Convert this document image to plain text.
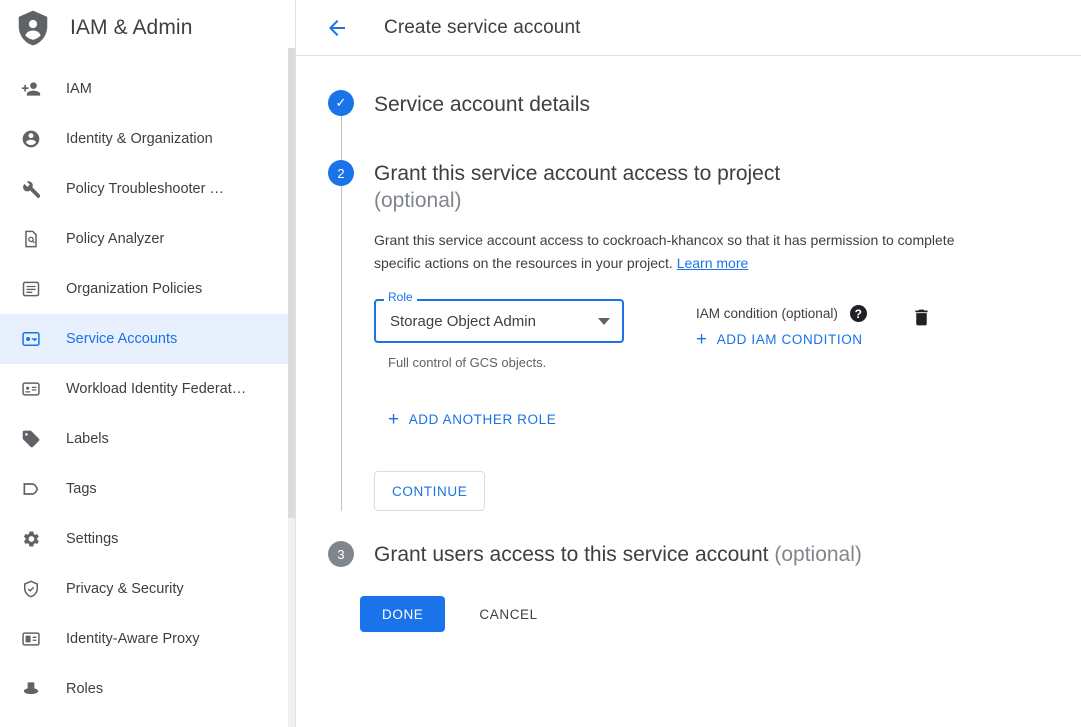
IAM & Admin
IAM
Identity & Organization
Policy Troubleshooter …
Policy Analyzer
Organization Policies
Service Accounts
Workload Identity Federat…
Labels
Tags
Settings
Privacy & Security
Identity-Aware Proxy
Roles
Create service account
✓	Service account details
2	Grant this service account access to project
(optional)
Grant this service account access to cockroach-khancox so that it has permission to complete specific actions on the resources in your project. Learn more
Role
Storage Object Admin
Full control of GCS objects.
IAM condition (optional)	?
+ ADD IAM CONDITION
+ ADD ANOTHER ROLE
CONTINUE
3	Grant users access to this service account (optional)
DONE	CANCEL
